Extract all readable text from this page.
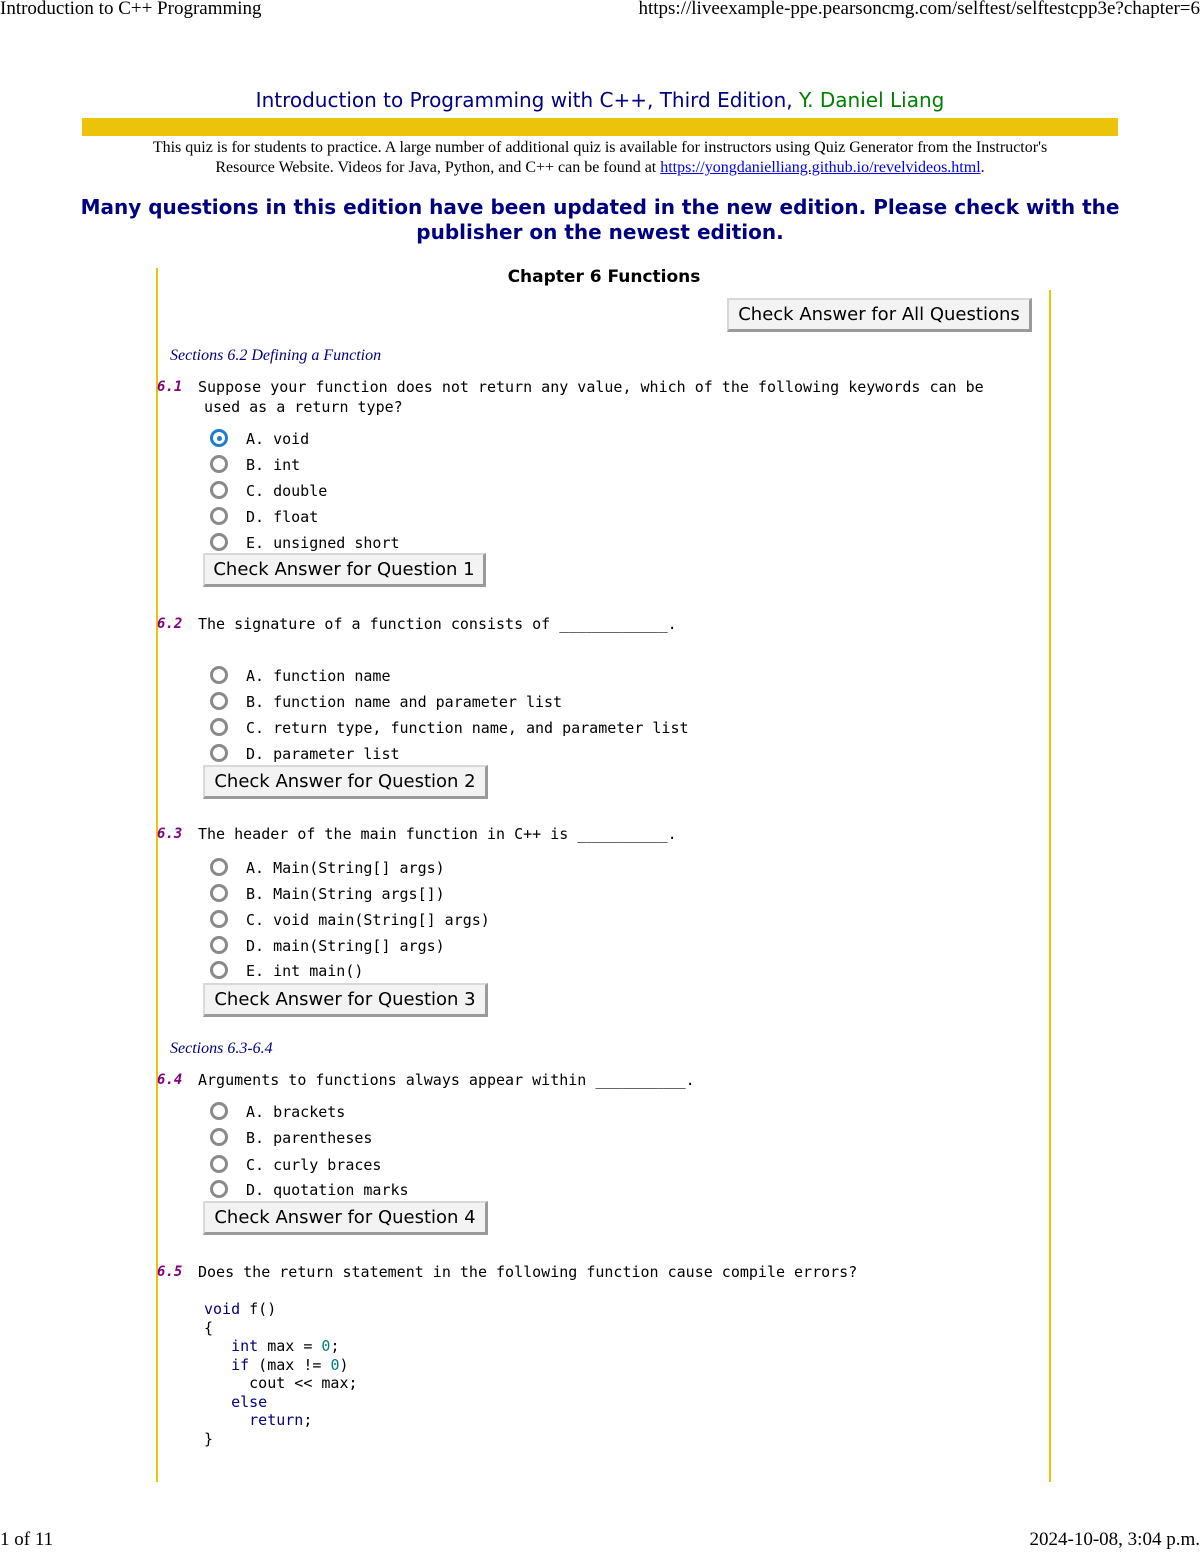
Introduction to C++ Programming	https://liveexample-ppe.pearsoncmg.com/selftest/selftestcpp3e?chapter=6
Introduction to Programming with C++, Third Edition, Y. Daniel Liang
This quiz is for students to practice. A large number of additional quiz is available for instructors using Quiz Generator from the Instructor's
Resource Website. Videos for Java, Python, and C++ can be found at https://yongdanielliang.github.io/revelvideos.html.
Many questions in this edition have been updated in the new edition. Please check with the publisher on the newest edition.
Chapter 6 Functions
Check Answer for All Questions
Sections 6.2 Defining a Function
6.1 Suppose your function does not return any value, which of the following keywords can be
used as a return type?
A. void
B. int
C. double
D. float
E. unsigned short
Check Answer for Question 1
6.2 The signature of a function consists of ____________.
A. function name
B. function name and parameter list
C. return type, function name, and parameter list
D. parameter list
Check Answer for Question 2
6.3 The header of the main function in C++ is __________.
A. Main(String[] args)
B. Main(String args[])
C. void main(String[] args)
D. main(String[] args)
E. int main()
Check Answer for Question 3
Sections 6.3-6.4
6.4 Arguments to functions always appear within __________.
A. brackets
B. parentheses
C. curly braces
D. quotation marks
Check Answer for Question 4
6.5 Does the return statement in the following function cause compile errors?
void f()
{
int max = 0;
if (max != 0)
cout << max;
else
return;
}
1 of 11	2024-10-08, 3:04 p.m.
